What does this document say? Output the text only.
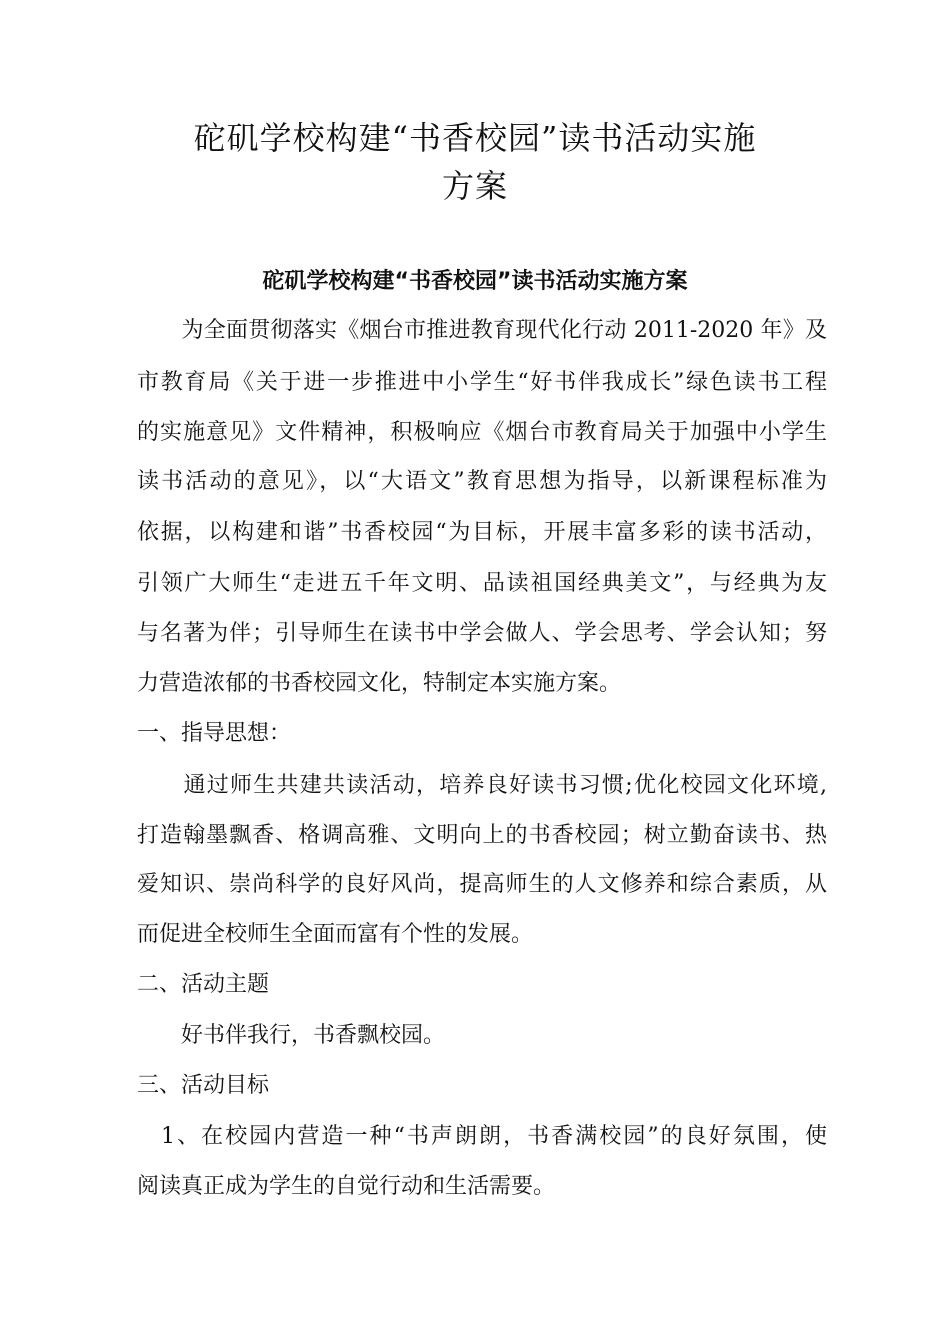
砣矶学校构建“书香校园”读书活动实施
方案
砣矶学校构建“书香校园”读书活动实施方案

　　为全面贯彻落实《烟台市推进教育现代化行动 2011-2020 年》及

市教育局《关于进一步推进中小学生“好书伴我成长”绿色读书工程

的实施意见》文件精神，积极响应《烟台市教育局关于加强中小学生

读书活动的意见》，以“大语文”教育思想为指导，以新课程标准为

依据，以构建和谐”书香校园“为目标，开展丰富多彩的读书活动，

引领广大师生“走进五千年文明、品读祖国经典美文”，与经典为友

与名著为伴；引导师生在读书中学会做人、学会思考、学会认知；努

力营造浓郁的书香校园文化，特制定本实施方案。

一、指导思想：

　　通过师生共建共读活动，培养良好读书习惯;优化校园文化环境,

打造翰墨飘香、格调高雅、文明向上的书香校园；树立勤奋读书、热

爱知识、崇尚科学的良好风尚，提高师生的人文修养和综合素质，从

而促进全校师生全面而富有个性的发展。

二、活动主题

　　好书伴我行，书香飘校园。

三、活动目标

　1、在校园内营造一种“书声朗朗，书香满校园”的良好氛围，使

阅读真正成为学生的自觉行动和生活需要。
